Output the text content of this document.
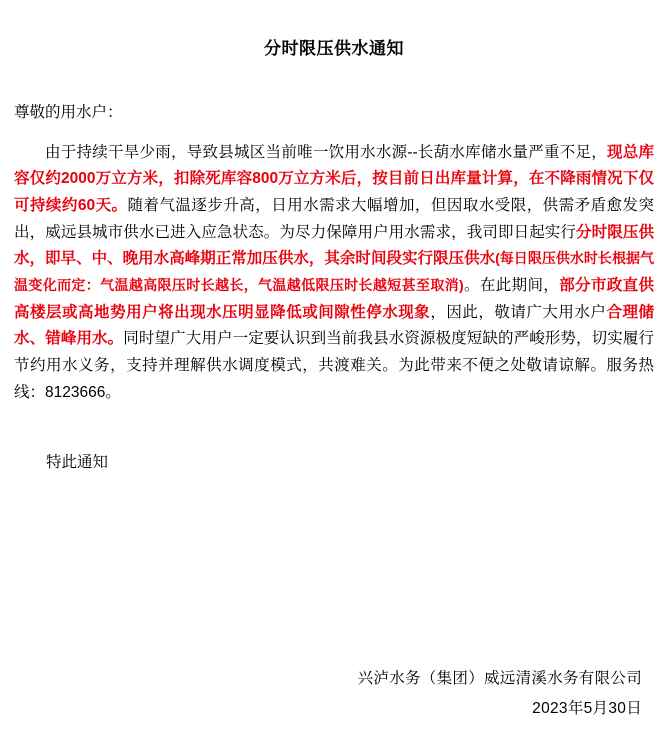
分时限压供水通知
尊敬的用水户：
由于持续干旱少雨，导致县城区当前唯一饮用水水源--长葫水库储水量严重不足，现总库容仅约2000万立方米，扣除死库容800万立方米后，按目前日出库量计算，在不降雨情况下仅可持续约60天。随着气温逐步升高，日用水需求大幅增加，但因取水受限，供需矛盾愈发突出，威远县城市供水已进入应急状态。为尽力保障用户用水需求，我司即日起实行分时限压供水，即早、中、晚用水高峰期正常加压供水，其余时间段实行限压供水(每日限压供水时长根据气温变化而定：气温越高限压时长越长，气温越低限压时长越短甚至取消)。在此期间，部分市政直供高楼层或高地势用户将出现水压明显降低或间隙性停水现象，因此，敬请广大用水户合理储水、错峰用水。同时望广大用户一定要认识到当前我县水资源极度短缺的严峻形势，切实履行节约用水义务，支持并理解供水调度模式，共渡难关。为此带来不便之处敬请谅解。服务热线：8123666。
特此通知
兴泸水务（集团）威远清溪水务有限公司
2023年5月30日
